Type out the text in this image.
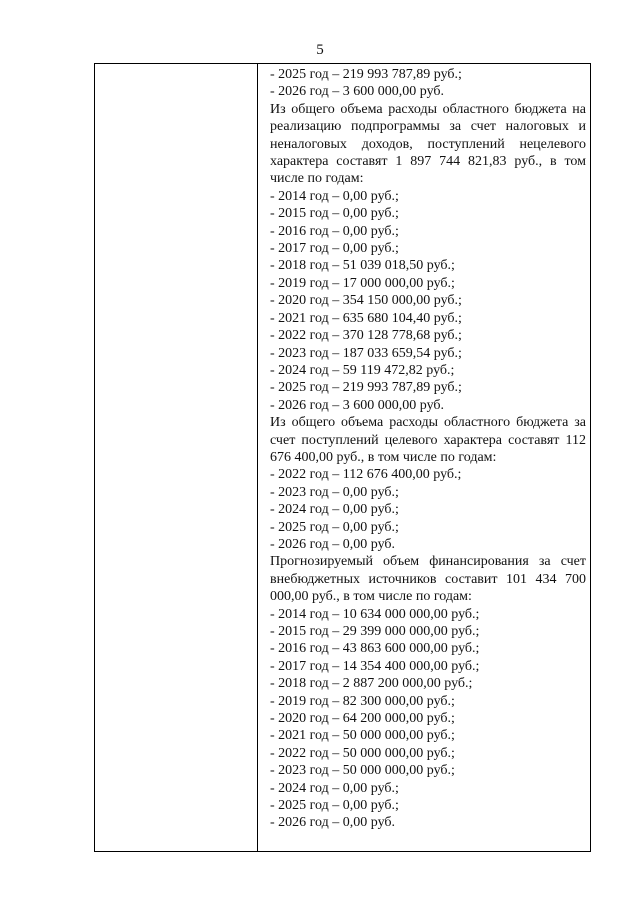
5

- 2025 год – 219 993 787,89 руб.;

- 2026 год – 3 600 000,00 руб.

Из общего объема расходы областного бюджета на реализацию подпрограммы за счет налоговых и неналоговых доходов, поступлений нецелевого характера составят 1 897 744 821,83 руб., в том числе по годам:

- 2014 год – 0,00 руб.;

- 2015 год – 0,00 руб.;

- 2016 год – 0,00 руб.;

- 2017 год – 0,00 руб.;

- 2018 год – 51 039 018,50 руб.;

- 2019 год – 17 000 000,00 руб.;

- 2020 год – 354 150 000,00 руб.;

- 2021 год – 635 680 104,40 руб.;

- 2022 год – 370 128 778,68 руб.;

- 2023 год – 187 033 659,54 руб.;

- 2024 год – 59 119 472,82 руб.;

- 2025 год – 219 993 787,89 руб.;

- 2026 год – 3 600 000,00 руб.

Из общего объема расходы областного бюджета за счет поступлений целевого характера составят 112 676 400,00 руб., в том числе по годам:

- 2022 год – 112 676 400,00 руб.;

- 2023 год – 0,00 руб.;

- 2024 год – 0,00 руб.;

- 2025 год – 0,00 руб.;

- 2026 год – 0,00 руб.

Прогнозируемый объем финансирования за счет внебюджетных источников составит 101 434 700 000,00 руб., в том числе по годам:

- 2014 год – 10 634 000 000,00 руб.;

- 2015 год – 29 399 000 000,00 руб.;

- 2016 год – 43 863 600 000,00 руб.;

- 2017 год – 14 354 400 000,00 руб.;

- 2018 год – 2 887 200 000,00 руб.;

- 2019 год – 82 300 000,00 руб.;

- 2020 год – 64 200 000,00 руб.;

- 2021 год – 50 000 000,00 руб.;

- 2022 год – 50 000 000,00 руб.;

- 2023 год – 50 000 000,00 руб.;

- 2024 год – 0,00 руб.;

- 2025 год – 0,00 руб.;

- 2026 год – 0,00 руб.
